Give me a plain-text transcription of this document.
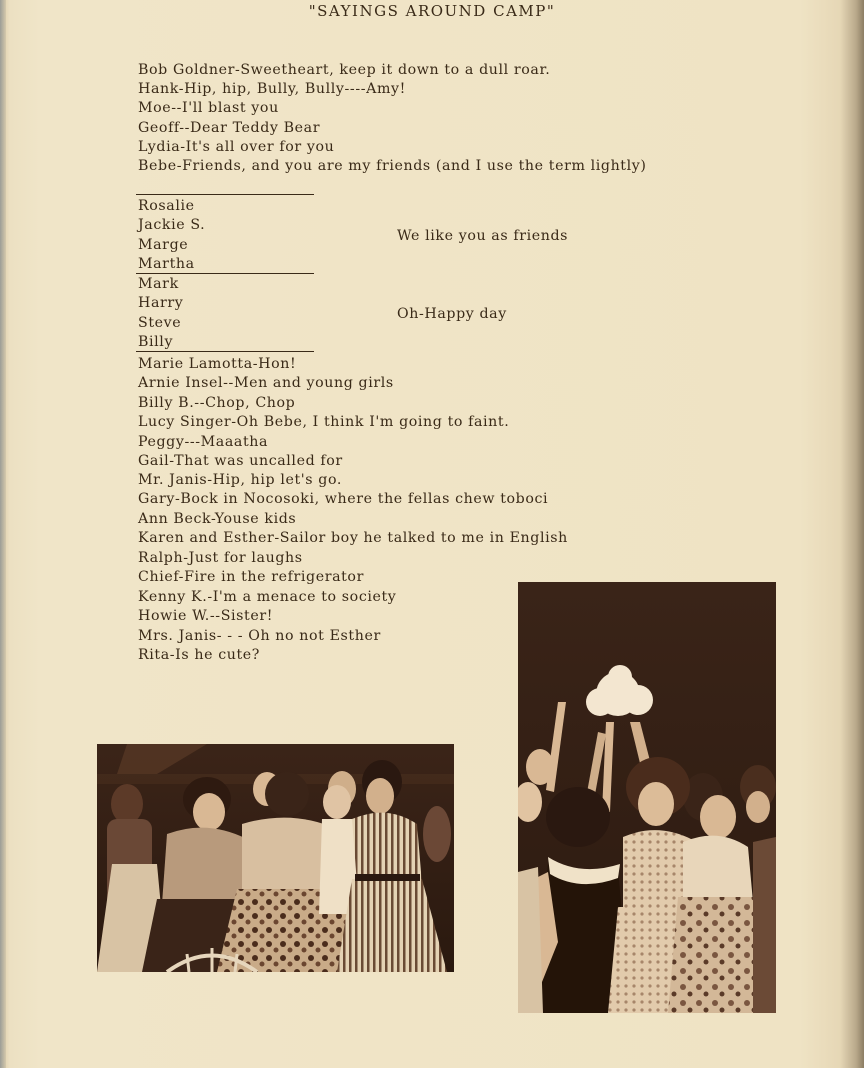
"SAYINGS AROUND CAMP"
Bob Goldner-Sweetheart, keep it down to a dull roar.
Hank-Hip, hip, Bully, Bully----Amy!
Moe--I'll blast you
Geoff--Dear Teddy Bear
Lydia-It's all over for you
Bebe-Friends, and you are my friends (and I use the term lightly)
Rosalie
Jackie S.
Marge
Martha
We like you as friends
Mark
Harry
Steve
Billy
Oh-Happy day
Marie Lamotta-Hon!
Arnie Insel--Men and young girls
Billy B.--Chop, Chop
Lucy Singer-Oh Bebe, I think I'm going to faint.
Peggy---Maaatha
Gail-That was uncalled for
Mr. Janis-Hip, hip let's go.
Gary-Bock in Nocosoki, where the fellas chew toboci
Ann Beck-Youse kids
Karen and Esther-Sailor boy he talked to me in English
Ralph-Just for laughs
Chief-Fire in the refrigerator
Kenny K.-I'm a menace to society
Howie W.--Sister!
Mrs. Janis- - - Oh no not Esther
Rita-Is he cute?
